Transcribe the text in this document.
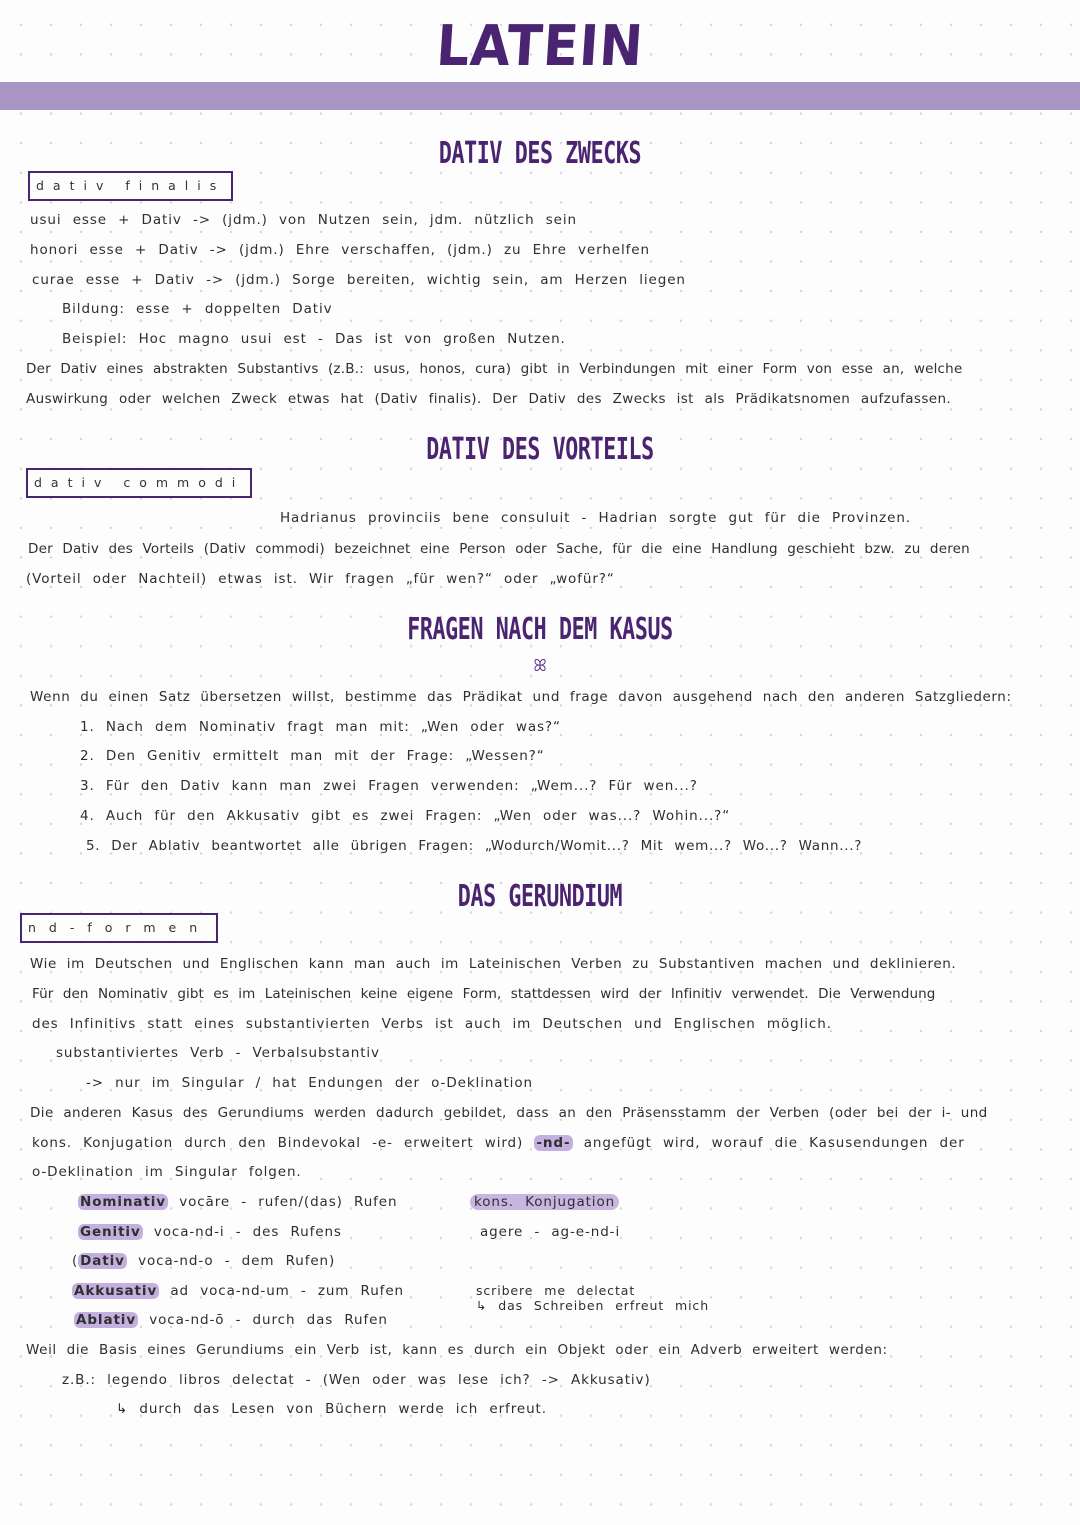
LATEIN
DATIV DES ZWECKS
dativ finalis
usui esse + Dativ -> (jdm.) von Nutzen sein, jdm. nützlich sein
honori esse + Dativ -> (jdm.) Ehre verschaffen, (jdm.) zu Ehre verhelfen
curae esse + Dativ -> (jdm.) Sorge bereiten, wichtig sein, am Herzen liegen
Bildung: esse + doppelten Dativ
Beispiel: Hoc magno usui est - Das ist von großen Nutzen.
Der Dativ eines abstrakten Substantivs (z.B.: usus, honos, cura) gibt in Verbindungen mit einer Form von esse an, welche
Auswirkung oder welchen Zweck etwas hat (Dativ finalis). Der Dativ des Zwecks ist als Prädikatsnomen aufzufassen.
DATIV DES VORTEILS
dativ commodi
Hadrianus provinciis bene consuluit - Hadrian sorgte gut für die Provinzen.
Der Dativ des Vorteils (Dativ commodi) bezeichnet eine Person oder Sache, für die eine Handlung geschieht bzw. zu deren
(Vorteil oder Nachteil) etwas ist. Wir fragen „für wen?“ oder „wofür?“
FRAGEN NACH DEM KASUS
ꕤ
Wenn du einen Satz übersetzen willst, bestimme das Prädikat und frage davon ausgehend nach den anderen Satzgliedern:
1. Nach dem Nominativ fragt man mit: „Wen oder was?“
2. Den Genitiv ermittelt man mit der Frage: „Wessen?“
3. Für den Dativ kann man zwei Fragen verwenden: „Wem...? Für wen...?
4. Auch für den Akkusativ gibt es zwei Fragen: „Wen oder was...? Wohin...?“
5. Der Ablativ beantwortet alle übrigen Fragen: „Wodurch/Womit...? Mit wem...? Wo...? Wann...?
DAS GERUNDIUM
nd-formen
Wie im Deutschen und Englischen kann man auch im Lateinischen Verben zu Substantiven machen und deklinieren.
Für den Nominativ gibt es im Lateinischen keine eigene Form, stattdessen wird der Infinitiv verwendet. Die Verwendung
des Infinitivs statt eines substantivierten Verbs ist auch im Deutschen und Englischen möglich.
substantiviertes Verb - Verbalsubstantiv
-> nur im Singular / hat Endungen der o-Deklination
Die anderen Kasus des Gerundiums werden dadurch gebildet, dass an den Präsensstamm der Verben (oder bei der i- und
kons. Konjugation durch den Bindevokal -e- erweitert wird) -nd- angefügt wird, worauf die Kasusendungen der
o-Deklination im Singular folgen.
Nominativ vocāre - rufen/(das) Rufen
Genitiv voca-nd-i - des Rufens
( Dativ voca-nd-o - dem Rufen)
Akkusativ ad voca-nd-um - zum Rufen
Ablativ voca-nd-ō - durch das Rufen
kons. Konjugation
agere - ag-e-nd-i
scribere me delectat
↳ das Schreiben erfreut mich
Weil die Basis eines Gerundiums ein Verb ist, kann es durch ein Objekt oder ein Adverb erweitert werden:
z.B.: legendo libros delectat - (Wen oder was lese ich? -> Akkusativ)
↳ durch das Lesen von Büchern werde ich erfreut.
